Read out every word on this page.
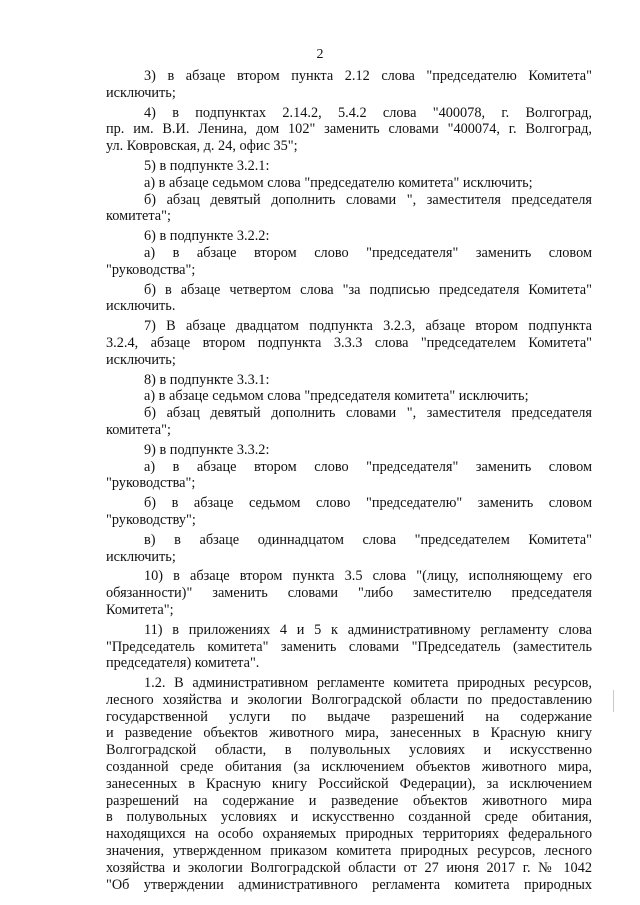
2
3) в абзаце втором пункта 2.12 слова "председателю Комитета"
исключить;
4) в подпунктах 2.14.2, 5.4.2 слова "400078, г. Волгоград,
пр. им. В.И. Ленина, дом 102" заменить словами "400074, г. Волгоград,
ул. Ковровская, д. 24, офис 35";
5) в подпункте 3.2.1:
а) в абзаце седьмом слова "председателю комитета" исключить;
б) абзац девятый дополнить словами ", заместителя председателя
комитета";
6) в подпункте 3.2.2:
а) в абзаце втором слово "председателя" заменить словом
"руководства";
б) в абзаце четвертом слова "за подписью председателя Комитета"
исключить.
7) В абзаце двадцатом подпункта 3.2.3, абзаце втором подпункта
3.2.4, абзаце втором подпункта 3.3.3 слова "председателем Комитета"
исключить;
8) в подпункте 3.3.1:
а) в абзаце седьмом слова "председателя комитета" исключить;
б) абзац девятый дополнить словами ", заместителя председателя
комитета";
9) в подпункте 3.3.2:
а) в абзаце втором слово "председателя" заменить словом
"руководства";
б) в абзаце седьмом слово "председателю" заменить словом
"руководству";
в) в абзаце одиннадцатом слова "председателем Комитета"
исключить;
10) в абзаце втором пункта 3.5 слова "(лицу, исполняющему его
обязанности)" заменить словами "либо заместителю председателя
Комитета";
11) в приложениях 4 и 5 к административному регламенту слова
"Председатель комитета" заменить словами "Председатель (заместитель
председателя) комитета".
1.2. В административном регламенте комитета природных ресурсов,
лесного хозяйства и экологии Волгоградской области по предоставлению
государственной услуги по выдаче разрешений на содержание
и разведение объектов животного мира, занесенных в Красную книгу
Волгоградской области, в полувольных условиях и искусственно
созданной среде обитания (за исключением объектов животного мира,
занесенных в Красную книгу Российской Федерации), за исключением
разрешений на содержание и разведение объектов животного мира
в полувольных условиях и искусственно созданной среде обитания,
находящихся на особо охраняемых природных территориях федерального
значения, утвержденном приказом комитета природных ресурсов, лесного
хозяйства и экологии Волгоградской области от 27 июня 2017 г. № 1042
"Об утверждении административного регламента комитета природных
